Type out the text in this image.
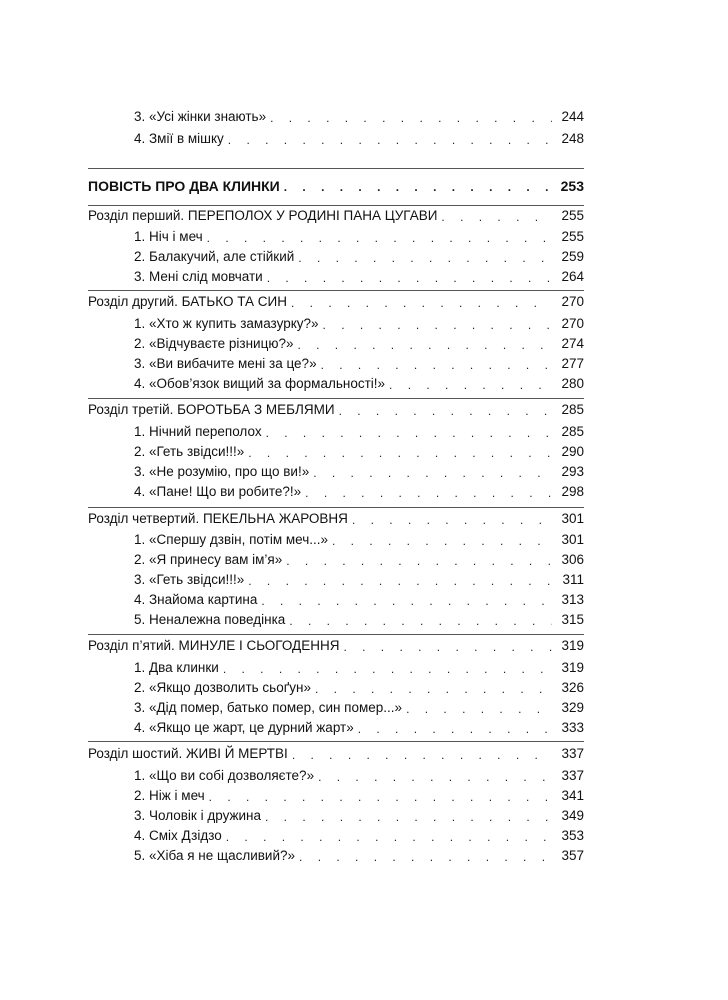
3. «Усі жінки знають» . . .	244
4. Змії в мішку . . .	248
ПОВІСТЬ ПРО ДВА КЛИНКИ . . .	253
Розділ перший. ПЕРЕПОЛОХ У РОДИНІ ПАНА ЦУГАВИ . . .	255
1. Ніч і меч . . .	255
2. Балакучий, але стійкий . . .	259
3. Мені слід мовчати . . .	264
Розділ другий. БАТЬКО ТА СИН . . .	270
1. «Хто ж купить замазурку?» . . .	270
2. «Відчуваєте різницю?» . . .	274
3. «Ви вибачите мені за це?» . . .	277
4. «Обов’язок вищий за формальності!» . . .	280
Розділ третій. БОРОТЬБА З МЕБЛЯМИ . . .	285
1. Нічний переполох . . .	285
2. «Геть звідси!!!» . . .	290
3. «Не розумію, про що ви!» . . .	293
4. «Пане! Що ви робите?!» . . .	298
Розділ четвертий. ПЕКЕЛЬНА ЖАРОВНЯ . . .	301
1. «Спершу дзвін, потім меч...» . . .	301
2. «Я принесу вам ім’я» . . .	306
3. «Геть звідси!!!» . . .	311
4. Знайома картина . . .	313
5. Неналежна поведінка . . .	315
Розділ п’ятий. МИНУЛЕ І СЬОГОДЕННЯ . . .	319
1. Два клинки . . .	319
2. «Якщо дозволить сьоґун» . . .	326
3. «Дід помер, батько помер, син помер...» . . .	329
4. «Якщо це жарт, це дурний жарт» . . .	333
Розділ шостий. ЖИВІ Й МЕРТВІ . . .	337
1. «Що ви собі дозволяєте?» . . .	337
2. Ніж і меч . . .	341
3. Чоловік і дружина . . .	349
4. Сміх Дзідзо . . .	353
5. «Хіба я не щасливий?» . . .	357
